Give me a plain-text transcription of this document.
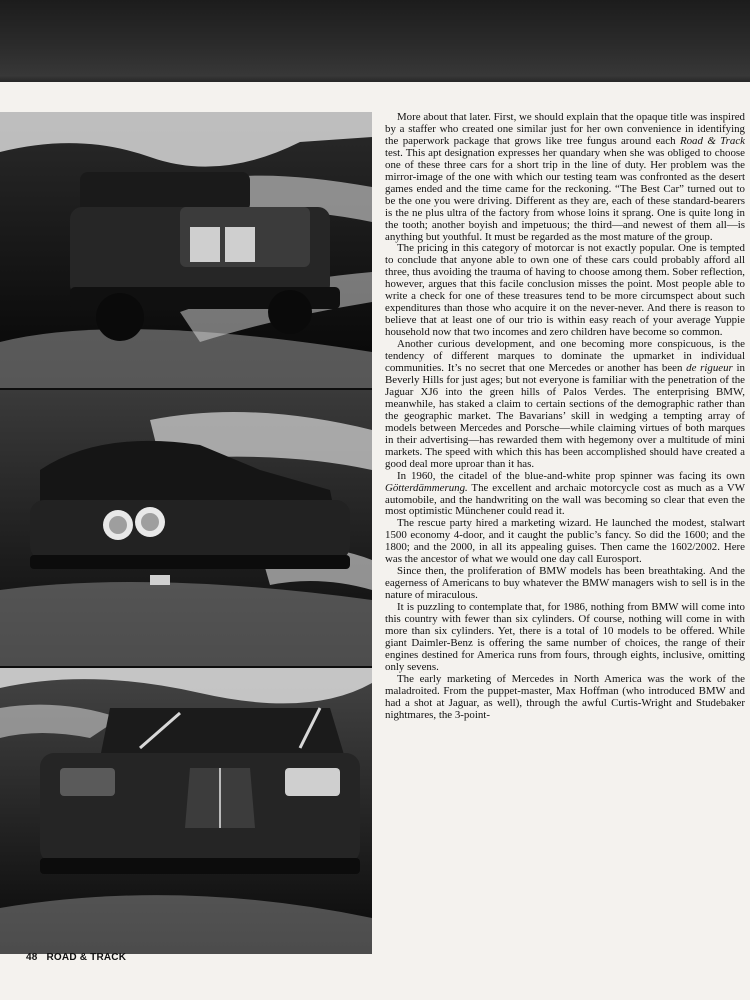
More about that later. First, we should explain that the opaque title was inspired by a staffer who created one similar just for her own convenience in identifying the paperwork package that grows like tree fungus around each Road & Track test. This apt designation expresses her quandary when she was obliged to choose one of these three cars for a short trip in the line of duty. Her problem was the mirror-image of the one with which our testing team was confronted as the desert games ended and the time came for the reckoning. “The Best Car” turned out to be the one you were driving. Different as they are, each of these standard-bearers is the ne plus ultra of the factory from whose loins it sprang. One is quite long in the tooth; another boyish and impetuous; the third—and newest of them all—is anything but youthful. It must be regarded as the most mature of the group.

The pricing in this category of motorcar is not exactly popular. One is tempted to conclude that anyone able to own one of these cars could probably afford all three, thus avoiding the trauma of having to choose among them. Sober reflection, however, argues that this facile conclusion misses the point. Most people able to write a check for one of these treasures tend to be more circumspect about such expenditures than those who acquire it on the never-never. And there is reason to believe that at least one of our trio is within easy reach of your average Yuppie household now that two incomes and zero children have become so common.

Another curious development, and one becoming more conspicuous, is the tendency of different marques to dominate the upmarket in individual communities. It’s no secret that one Mercedes or another has been de rigueur in Beverly Hills for just ages; but not everyone is familiar with the penetration of the Jaguar XJ6 into the green hills of Palos Verdes. The enterprising BMW, meanwhile, has staked a claim to certain sections of the demographic rather than the geographic market. The Bavarians’ skill in wedging a tempting array of models between Mercedes and Porsche—while claiming virtues of both marques in their advertising—has rewarded them with hegemony over a multitude of mini markets. The speed with which this has been accomplished should have created a good deal more uproar than it has.

In 1960, the citadel of the blue-and-white prop spinner was facing its own Götterdämmerung. The excellent and archaic motorcycle cost as much as a VW automobile, and the handwriting on the wall was becoming so clear that even the most optimistic Münchener could read it.

The rescue party hired a marketing wizard. He launched the modest, stalwart 1500 economy 4-door, and it caught the public’s fancy. So did the 1600; and the 1800; and the 2000, in all its appealing guises. Then came the 1602/2002. Here was the ancestor of what we would one day call Eurosport.

Since then, the proliferation of BMW models has been breathtaking. And the eagerness of Americans to buy whatever the BMW managers wish to sell is in the nature of miraculous.

It is puzzling to contemplate that, for 1986, nothing from BMW will come into this country with fewer than six cylinders. Of course, nothing will come in with more than six cylinders. Yet, there is a total of 10 models to be offered. While giant Daimler-Benz is offering the same number of choices, the range of their engines destined for America runs from fours, through eights, inclusive, omitting only sevens.

The early marketing of Mercedes in North America was the work of the maladroited. From the puppet-master, Max Hoffman (who introduced BMW and had a shot at Jaguar, as well), through the awful Curtis-Wright and Studebaker nightmares, the 3-point-

48 ROAD & TRACK
